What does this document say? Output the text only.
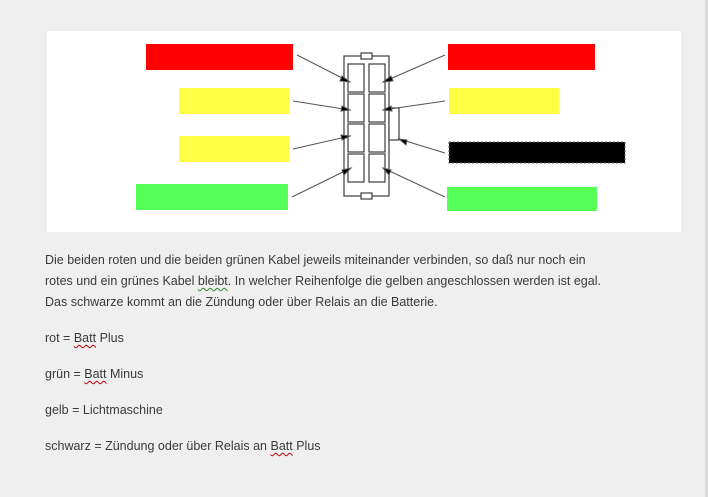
Die beiden roten und die beiden grünen Kabel jeweils miteinander verbinden, so daß nur noch ein

rotes und ein grünes Kabel bleibt. In welcher Reihenfolge die gelben angeschlossen werden ist egal.

Das schwarze kommt an die Zündung oder über Relais an die Batterie.

rot = Batt Plus

grün = Batt Minus

gelb = Lichtmaschine

schwarz = Zündung oder über Relais an Batt Plus
